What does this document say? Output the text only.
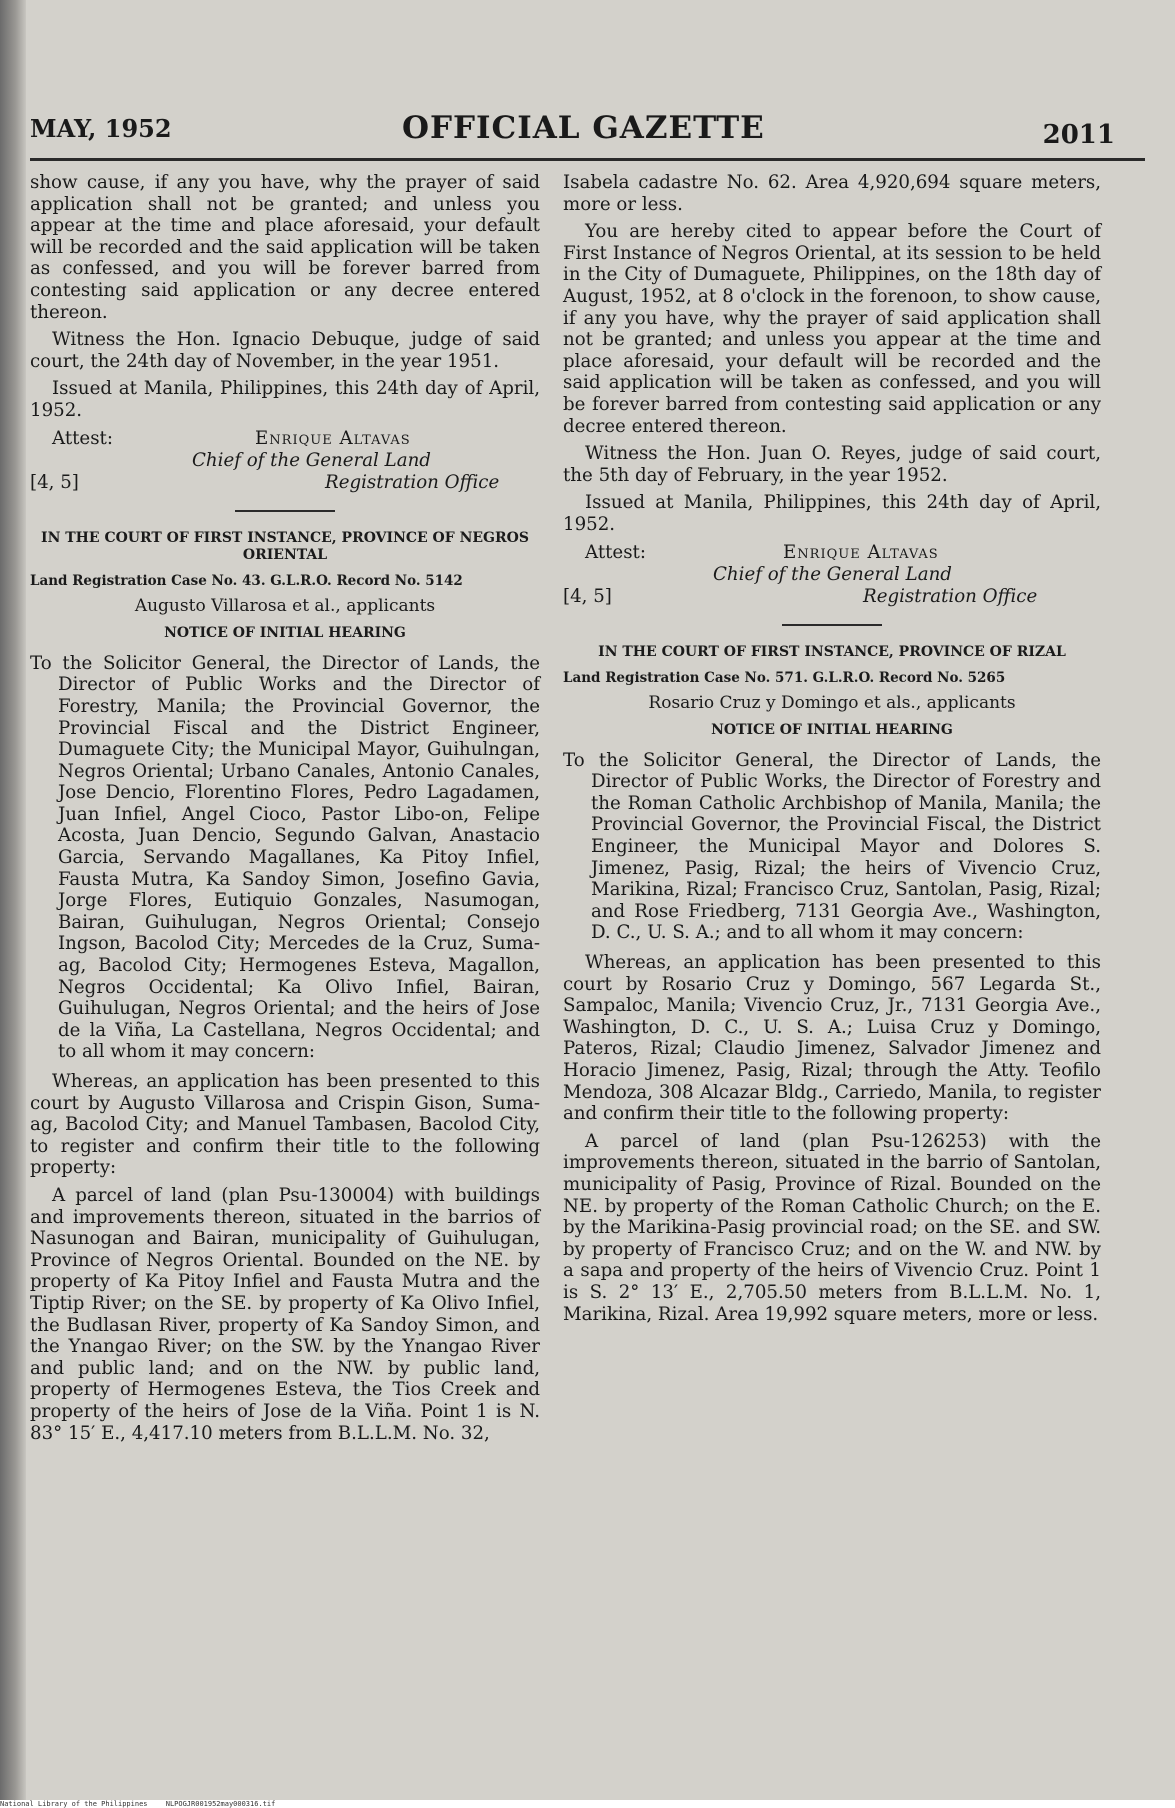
MAY, 1952	OFFICIAL GAZETTE	2011

show cause, if any you have, why the prayer of said application shall not be granted; and unless you appear at the time and place aforesaid, your default will be recorded and the said application will be taken as confessed, and you will be forever barred from contesting said application or any decree entered thereon.

Witness the Hon. Ignacio Debuque, judge of said court, the 24th day of November, in the year 1951.

Issued at Manila, Philippines, this 24th day of April, 1952.

Attest:	Enrique Altavas
Chief of the General Land
[4, 5]	Registration Office
IN THE COURT OF FIRST INSTANCE, PROVINCE OF NEGROS ORIENTAL
Land Registration Case No. 43. G.L.R.O. Record No. 5142
Augusto Villarosa et al., applicants
NOTICE OF INITIAL HEARING

To the Solicitor General, the Director of Lands, the Director of Public Works and the Director of Forestry, Manila; the Provincial Governor, the Provincial Fiscal and the District Engineer, Dumaguete City; the Municipal Mayor, Guihulngan, Negros Oriental; Urbano Canales, Antonio Canales, Jose Dencio, Florentino Flores, Pedro Lagadamen, Juan Infiel, Angel Cioco, Pastor Libo-on, Felipe Acosta, Juan Dencio, Segundo Galvan, Anastacio Garcia, Servando Magallanes, Ka Pitoy Infiel, Fausta Mutra, Ka Sandoy Simon, Josefino Gavia, Jorge Flores, Eutiquio Gonzales, Nasumogan, Bairan, Guihulugan, Negros Oriental; Consejo Ingson, Bacolod City; Mercedes de la Cruz, Suma-ag, Bacolod City; Hermogenes Esteva, Magallon, Negros Occidental; Ka Olivo Infiel, Bairan, Guihulugan, Negros Oriental; and the heirs of Jose de la Viña, La Castellana, Negros Occidental; and to all whom it may concern:

Whereas, an application has been presented to this court by Augusto Villarosa and Crispin Gison, Suma-ag, Bacolod City; and Manuel Tambasen, Bacolod City, to register and confirm their title to the following property:

A parcel of land (plan Psu-130004) with buildings and improvements thereon, situated in the barrios of Nasunogan and Bairan, municipality of Guihulugan, Province of Negros Oriental. Bounded on the NE. by property of Ka Pitoy Infiel and Fausta Mutra and the Tiptip River; on the SE. by property of Ka Olivo Infiel, the Budlasan River, property of Ka Sandoy Simon, and the Ynangao River; on the SW. by the Ynangao River and public land; and on the NW. by public land, property of Hermogenes Esteva, the Tios Creek and property of the heirs of Jose de la Viña. Point 1 is N. 83° 15′ E., 4,417.10 meters from B.L.L.M. No. 32,

Isabela cadastre No. 62. Area 4,920,694 square meters, more or less.

You are hereby cited to appear before the Court of First Instance of Negros Oriental, at its session to be held in the City of Dumaguete, Philippines, on the 18th day of August, 1952, at 8 o'clock in the forenoon, to show cause, if any you have, why the prayer of said application shall not be granted; and unless you appear at the time and place aforesaid, your default will be recorded and the said application will be taken as confessed, and you will be forever barred from contesting said application or any decree entered thereon.

Witness the Hon. Juan O. Reyes, judge of said court, the 5th day of February, in the year 1952.

Issued at Manila, Philippines, this 24th day of April, 1952.

Attest:	Enrique Altavas
Chief of the General Land
[4, 5]	Registration Office
IN THE COURT OF FIRST INSTANCE, PROVINCE OF RIZAL
Land Registration Case No. 571. G.L.R.O. Record No. 5265
Rosario Cruz y Domingo et als., applicants
NOTICE OF INITIAL HEARING

To the Solicitor General, the Director of Lands, the Director of Public Works, the Director of Forestry and the Roman Catholic Archbishop of Manila, Manila; the Provincial Governor, the Provincial Fiscal, the District Engineer, the Municipal Mayor and Dolores S. Jimenez, Pasig, Rizal; the heirs of Vivencio Cruz, Marikina, Rizal; Francisco Cruz, Santolan, Pasig, Rizal; and Rose Friedberg, 7131 Georgia Ave., Washington, D. C., U. S. A.; and to all whom it may concern:

Whereas, an application has been presented to this court by Rosario Cruz y Domingo, 567 Legarda St., Sampaloc, Manila; Vivencio Cruz, Jr., 7131 Georgia Ave., Washington, D. C., U. S. A.; Luisa Cruz y Domingo, Pateros, Rizal; Claudio Jimenez, Salvador Jimenez and Horacio Jimenez, Pasig, Rizal; through the Atty. Teofilo Mendoza, 308 Alcazar Bldg., Carriedo, Manila, to register and confirm their title to the following property:

A parcel of land (plan Psu-126253) with the improvements thereon, situated in the barrio of Santolan, municipality of Pasig, Province of Rizal. Bounded on the NE. by property of the Roman Catholic Church; on the E. by the Marikina-Pasig provincial road; on the SE. and SW. by property of Francisco Cruz; and on the W. and NW. by a sapa and property of the heirs of Vivencio Cruz. Point 1 is S. 2° 13′ E., 2,705.50 meters from B.L.L.M. No. 1, Marikina, Rizal. Area 19,992 square meters, more or less.

National Library of the Philippines	NLPOGJR001952may000316.tif
